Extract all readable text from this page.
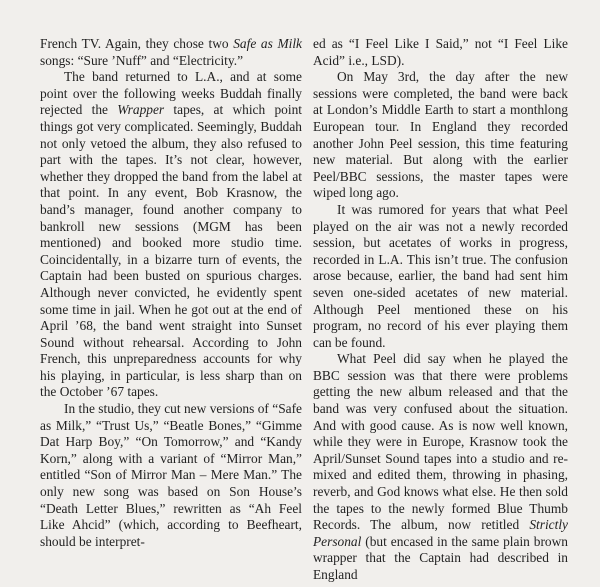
French TV. Again, they chose two Safe as Milk songs: “Sure ’Nuff” and “Electricity.”

The band returned to L.A., and at some point over the following weeks Buddah finally rejected the Wrapper tapes, at which point things got very complicated. Seemingly, Buddah not only vetoed the album, they also refused to part with the tapes. It’s not clear, however, whether they dropped the band from the label at that point. In any event, Bob Krasnow, the band’s manager, found another company to bankroll new sessions (MGM has been mentioned) and booked more studio time. Coincidentally, in a bizarre turn of events, the Captain had been busted on spurious charges. Although never convicted, he evidently spent some time in jail. When he got out at the end of April ’68, the band went straight into Sunset Sound without rehearsal. According to John French, this unpreparedness accounts for why his playing, in particular, is less sharp than on the October ’67 tapes.

In the studio, they cut new versions of “Safe as Milk,” “Trust Us,” “Beatle Bones,” “Gimme Dat Harp Boy,” “On Tomorrow,” and “Kandy Korn,” along with a variant of “Mirror Man,” entitled “Son of Mirror Man – Mere Man.” The only new song was based on Son House’s “Death Letter Blues,” rewritten as “Ah Feel Like Ahcid” (which, according to Beefheart, should be interpret-

ed as “I Feel Like I Said,” not “I Feel Like Acid” i.e., LSD).

On May 3rd, the day after the new sessions were completed, the band were back at London’s Middle Earth to start a monthlong European tour. In England they recorded another John Peel session, this time featuring new material. But along with the earlier Peel/BBC sessions, the master tapes were wiped long ago.

It was rumored for years that what Peel played on the air was not a newly recorded session, but acetates of works in progress, recorded in L.A. This isn’t true. The confusion arose because, earlier, the band had sent him seven one-sided acetates of new material. Although Peel mentioned these on his program, no record of his ever playing them can be found.

What Peel did say when he played the BBC session was that there were problems getting the new album released and that the band was very confused about the situation. And with good cause. As is now well known, while they were in Europe, Krasnow took the April/Sunset Sound tapes into a studio and re-mixed and edited them, throwing in phasing, reverb, and God knows what else. He then sold the tapes to the newly formed Blue Thumb Records. The album, now retitled Strictly Personal (but encased in the same plain brown wrapper that the Captain had described in England
